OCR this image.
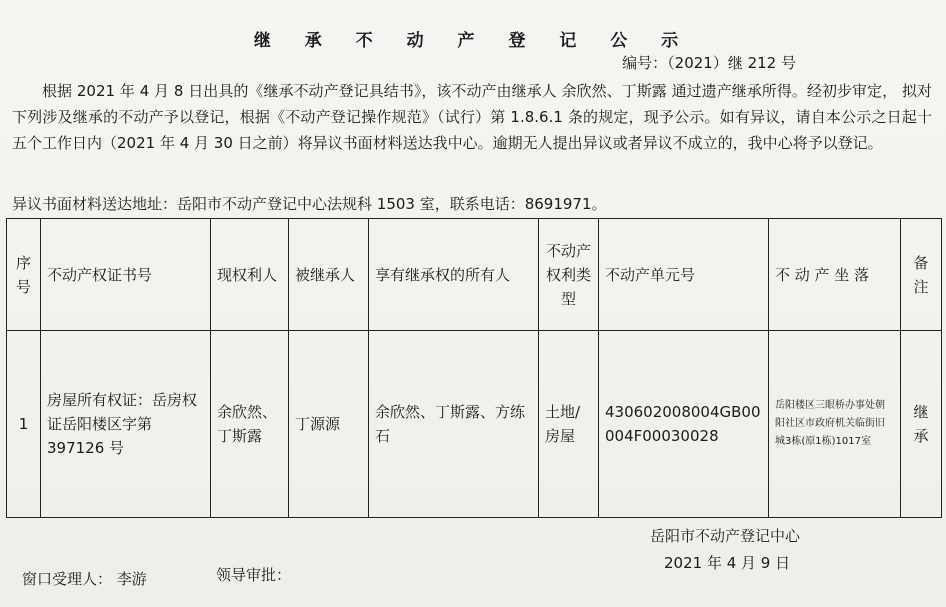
继 承 不 动 产 登 记 公 示
编号：（2021）继 212 号

根据 2021 年 4 月 8 日出具的《继承不动产登记具结书》，该不动产由继承人 余欣然、丁斯露 通过遗产继承所得。经初步审定， 拟对下列涉及继承的不动产予以登记，根据《不动产登记操作规范》（试行）第 1.8.6.1 条的规定，现予公示。如有异议，请自本公示之日起十五个工作日内（2021 年 4 月 30 日之前）将异议书面材料送达我中心。逾期无人提出异议或者异议不成立的，我中心将予以登记。

异议书面材料送达地址：岳阳市不动产登记中心法规科 1503 室，联系电话：8691971。
序号	不动产权证书号	现权利人	被继承人	享有继承权的所有人	不动产权利类型	不动产单元号	不 动 产 坐 落	备注
1	房屋所有权证：岳房权证岳阳楼区字第 397126 号	余欣然、丁斯露	丁源源	余欣然、丁斯露、方练石	土地/房屋	430602008004GB00004F00030028	岳阳楼区三眼桥办事处朝阳社区市政府机关临街旧城3栋(原1栋)1017室	继承
岳阳市不动产登记中心
2021 年 4 月 9 日
窗口受理人： 李游	领导审批：
